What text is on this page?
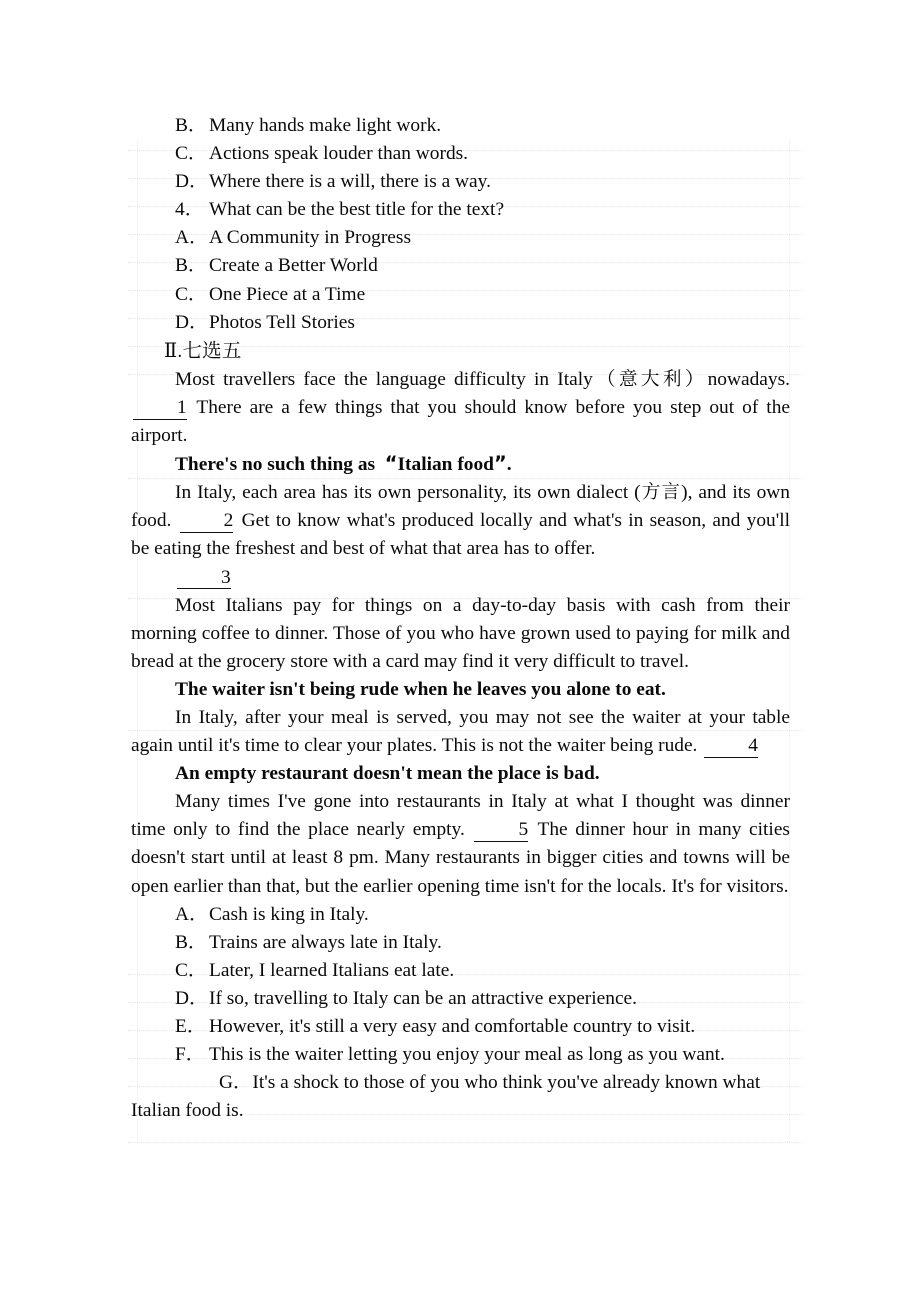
B．Many hands make light work.
C．Actions speak louder than words.
D．Where there is a will, there is a way.
4． What can be the best title for the text?
A．A Community in Progress
B．Create a Better World
C．One Piece at a Time
D．Photos Tell Stories
Ⅱ.七选五

Most travellers face the language difficulty in Italy（意大利）nowadays. 1 There are a few things that you should know before you step out of the airport.

There's no such thing as “Italian food”.

In Italy, each area has its own personality, its own dialect (方言), and its own food.	2 Get to know what's produced locally and what's in season, and you'll be eating the freshest and best of what that area has to offer.

3

Most Italians pay for things on a day-to-day basis with cash from their morning coffee to dinner. Those of you who have grown used to paying for milk and bread at the grocery store with a card may find it very difficult to travel.

The waiter isn't being rude when he leaves you alone to eat.

In Italy, after your meal is served, you may not see the waiter at your table again until it's time to clear your plates. This is not the waiter being rude.	4

An empty restaurant doesn't mean the place is bad.

Many times I've gone into restaurants in Italy at what I thought was dinner time only to find the place nearly empty.	5 The dinner hour in many cities doesn't start until at least 8 pm. Many restaurants in bigger cities and towns will be open earlier than that, but the earlier opening time isn't for the locals. It's for visitors.

A．Cash is king in Italy.
B．Trains are always late in Italy.
C．Later, I learned Italians eat late.
D．If so, travelling to Italy can be an attractive experience.
E． However, it's still a very easy and comfortable country to visit.
F． This is the waiter letting you enjoy your meal as long as you want.
G．It's a shock to those of you who think you've already known what Italian food is.
